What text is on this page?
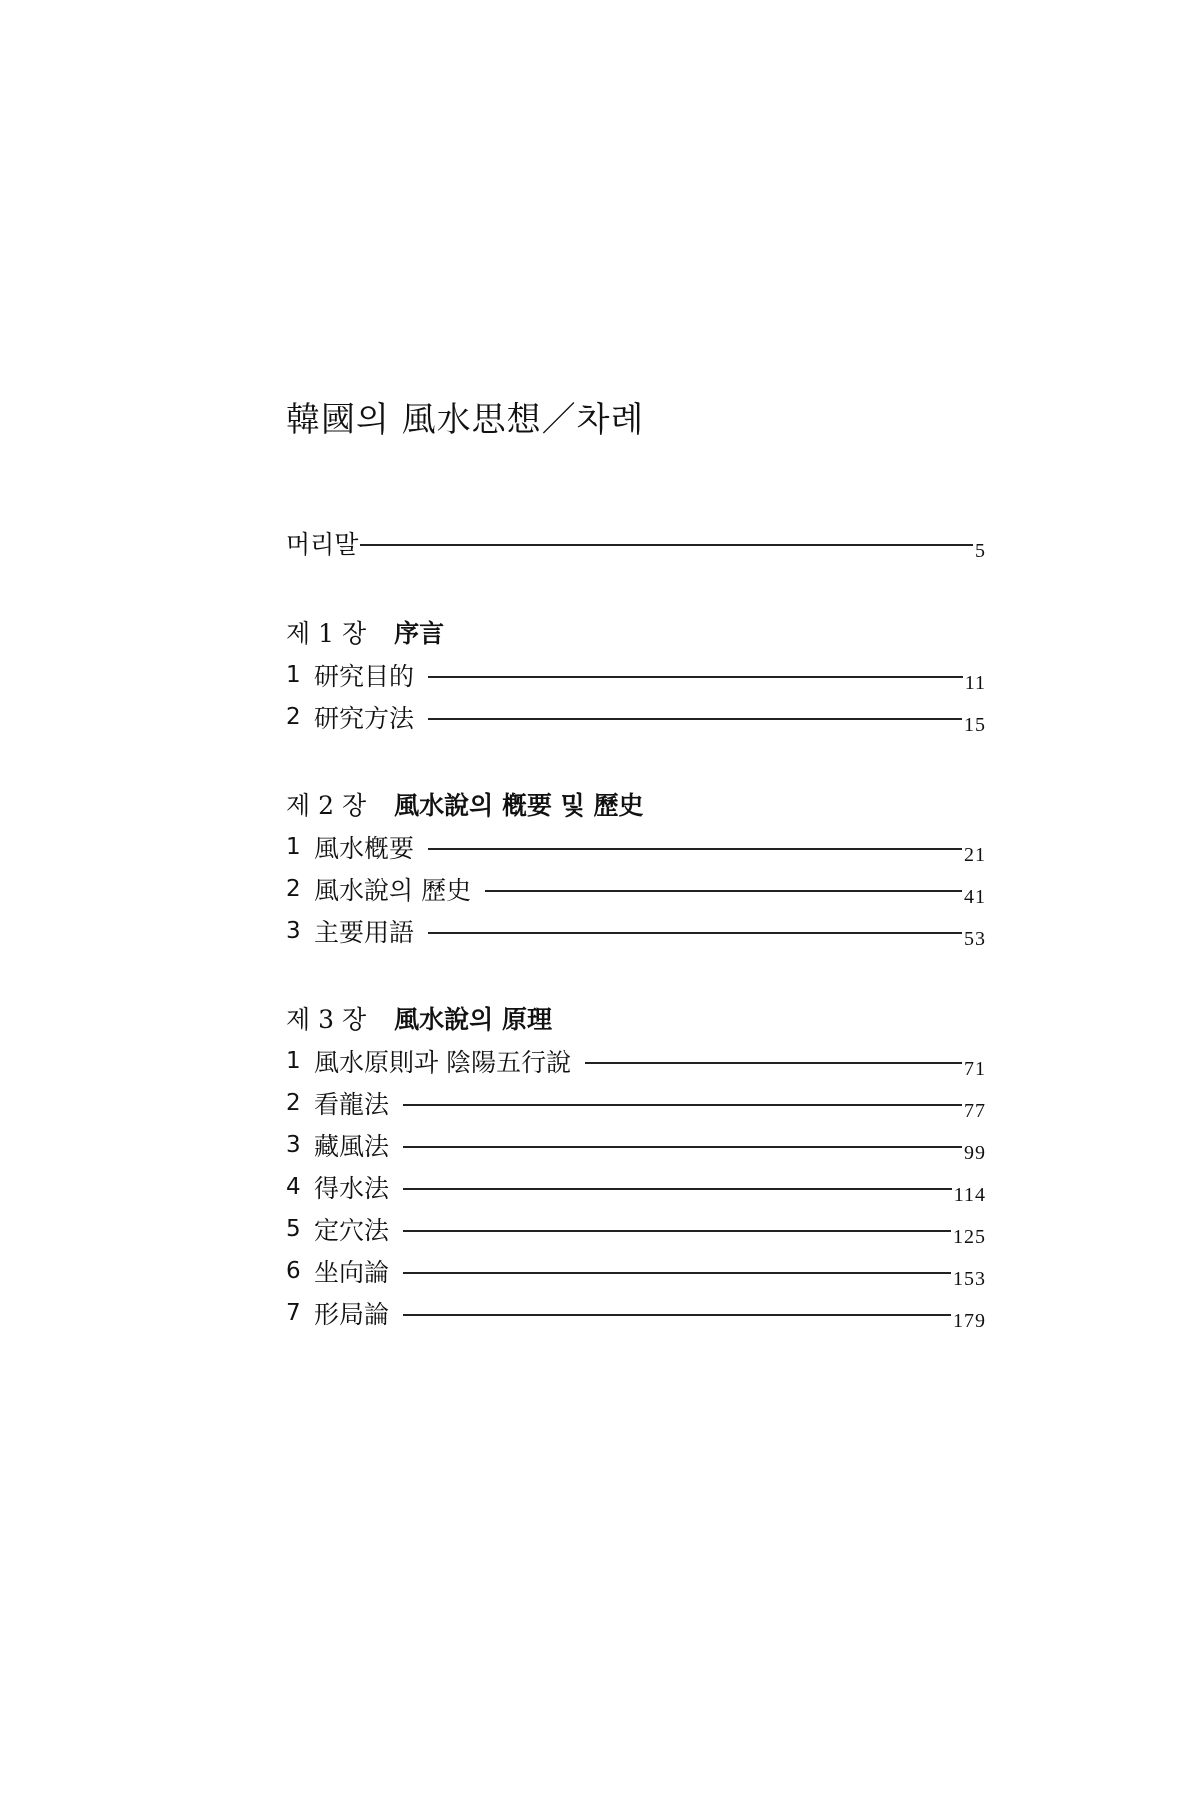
韓國의 風水思想／차례
머리말	5
제 1 장 序言
1 研究目的	11
2 研究方法	15
제 2 장 風水說의 槪要 및 歷史
1 風水槪要	21
2 風水說의 歷史	41
3 主要用語	53
제 3 장 風水說의 原理
1 風水原則과 陰陽五行說	71
2 看龍法	77
3 藏風法	99
4 得水法	114
5 定穴法	125
6 坐向論	153
7 形局論	179
